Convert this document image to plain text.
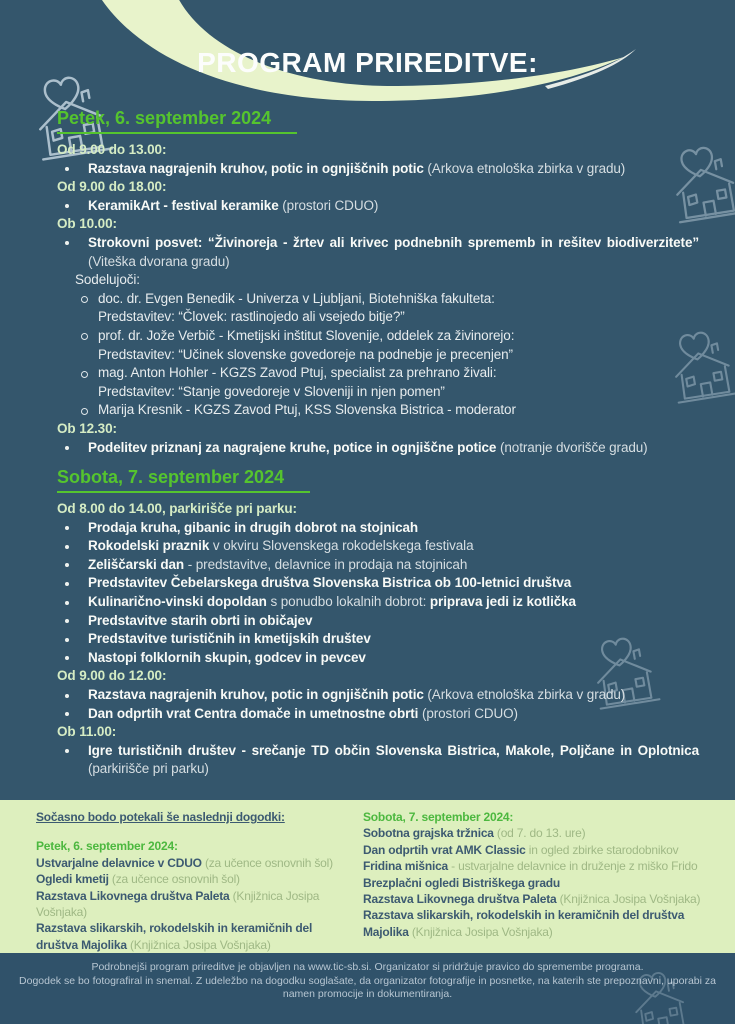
PROGRAM PRIREDITVE:
Petek, 6. september 2024
Od 9.00 do 13.00:
Razstava nagrajenih kruhov, potic in ognjiščnih potic (Arkova etnološka zbirka v gradu)
Od 9.00 do 18.00:
KeramikArt - festival keramike (prostori CDUO)
Ob 10.00:
Strokovni posvet: “Živinoreja - žrtev ali krivec podnebnih sprememb in rešitev biodiverzitete” (Viteška dvorana gradu)
Sodelujoči:
doc. dr. Evgen Benedik - Univerza v Ljubljani, Biotehniška fakulteta:
Predstavitev: “Človek: rastlinojedo ali vsejedo bitje?”
prof. dr. Jože Verbič - Kmetijski inštitut Slovenije, oddelek za živinorejo:
Predstavitev: “Učinek slovenske govedoreje na podnebje je precenjen”
mag. Anton Hohler - KGZS Zavod Ptuj, specialist za prehrano živali:
Predstavitev: “Stanje govedoreje v Sloveniji in njen pomen”
Marija Kresnik - KGZS Zavod Ptuj, KSS Slovenska Bistrica - moderator
Ob 12.30:
Podelitev priznanj za nagrajene kruhe, potice in ognjiščne potice (notranje dvorišče gradu)
Sobota, 7. september 2024
Od 8.00 do 14.00, parkirišče pri parku:
Prodaja kruha, gibanic in drugih dobrot na stojnicah
Rokodelski praznik v okviru Slovenskega rokodelskega festivala
Zeliščarski dan - predstavitve, delavnice in prodaja na stojnicah
Predstavitev Čebelarskega društva Slovenska Bistrica ob 100-letnici društva
Kulinarično-vinski dopoldan s ponudbo lokalnih dobrot: priprava jedi iz kotlička
Predstavitve starih obrti in običajev
Predstavitve turističnih in kmetijskih društev
Nastopi folklornih skupin, godcev in pevcev
Od 9.00 do 12.00:
Razstava nagrajenih kruhov, potic in ognjiščnih potic (Arkova etnološka zbirka v gradu)
Dan odprtih vrat Centra domače in umetnostne obrti (prostori CDUO)
Ob 11.00:
Igre turističnih društev - srečanje TD občin Slovenska Bistrica, Makole, Poljčane in Oplotnica (parkirišče pri parku)
Sočasno bodo potekali še naslednji dogodki:
Petek, 6. september 2024:
Ustvarjalne delavnice v CDUO (za učence osnovnih šol)
Ogledi kmetij (za učence osnovnih šol)
Razstava Likovnega društva Paleta (Knjižnica Josipa Vošnjaka)
Razstava slikarskih, rokodelskih in keramičnih del društva Majolika (Knjižnica Josipa Vošnjaka)
Sobota, 7. september 2024:
Sobotna grajska tržnica (od 7. do 13. ure)
Dan odprtih vrat AMK Classic in ogled zbirke starodobnikov
Fridina mišnica - ustvarjalne delavnice in druženje z miško Frido
Brezplačni ogledi Bistriškega gradu
Razstava Likovnega društva Paleta (Knjižnica Josipa Vošnjaka)
Razstava slikarskih, rokodelskih in keramičnih del društva Majolika (Knjižnica Josipa Vošnjaka)
Podrobnejši program prireditve je objavljen na www.tic-sb.si. Organizator si pridržuje pravico do spremembe programa.
Dogodek se bo fotografiral in snemal. Z udeležbo na dogodku soglašate, da organizator fotografije in posnetke, na katerih ste prepoznavni, uporabi za namen promocije in dokumentiranja.
